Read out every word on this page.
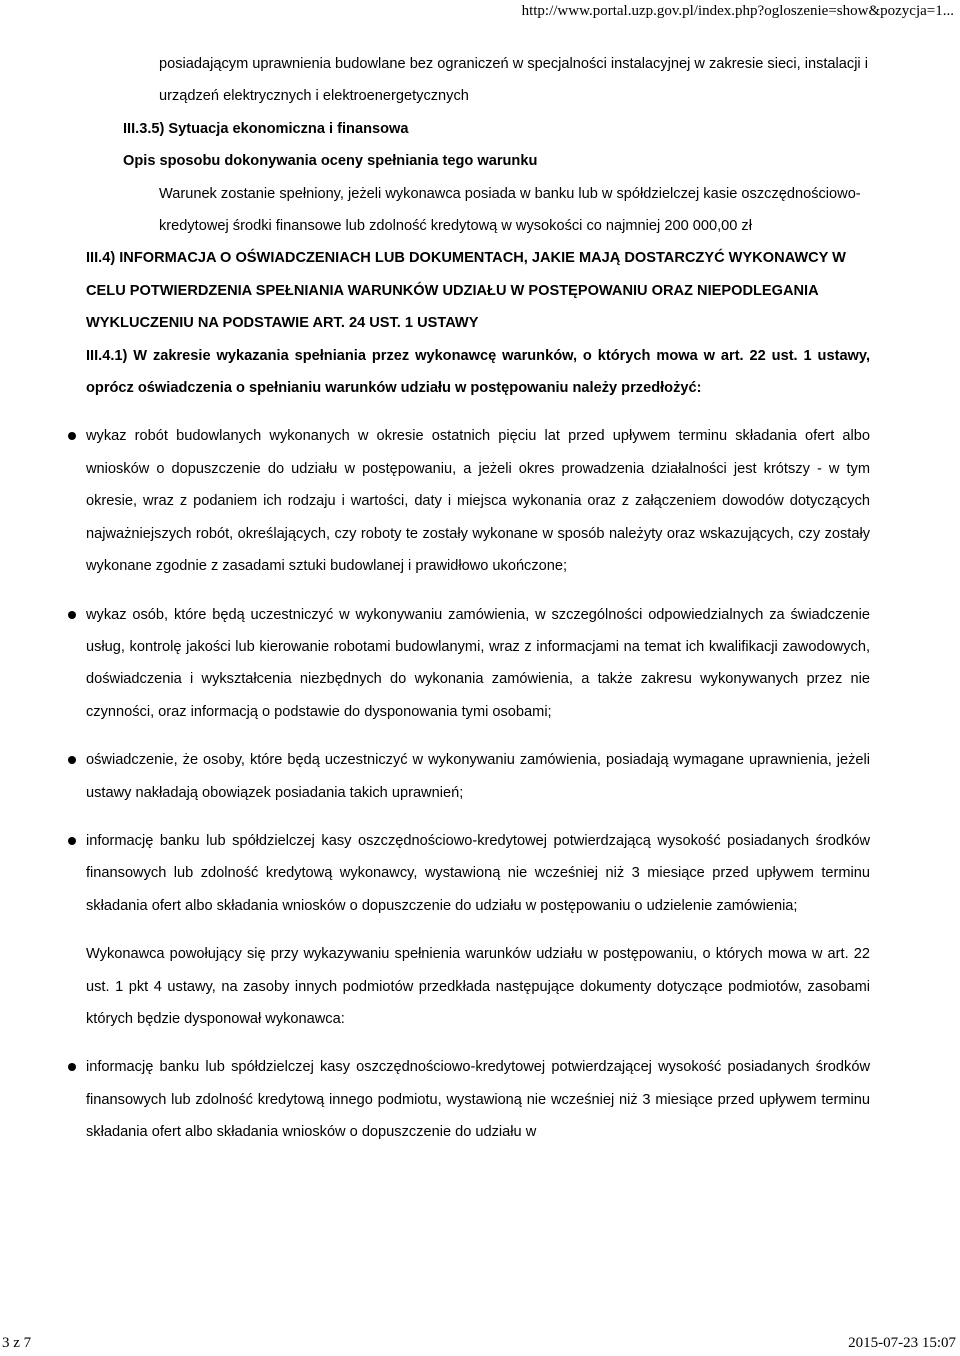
http://www.portal.uzp.gov.pl/index.php?ogloszenie=show&pozycja=1...

posiadającym uprawnienia budowlane bez ograniczeń w specjalności instalacyjnej w zakresie sieci, instalacji i urządzeń elektrycznych i elektroenergetycznych

III.3.5) Sytuacja ekonomiczna i finansowa

Opis sposobu dokonywania oceny spełniania tego warunku

Warunek zostanie spełniony, jeżeli wykonawca posiada w banku lub w spółdzielczej kasie oszczędnościowo-kredytowej środki finansowe lub zdolność kredytową w wysokości co najmniej 200 000,00 zł

III.4) INFORMACJA O OŚWIADCZENIACH LUB DOKUMENTACH, JAKIE MAJĄ DOSTARCZYĆ WYKONAWCY W CELU POTWIERDZENIA SPEŁNIANIA WARUNKÓW UDZIAŁU W POSTĘPOWANIU ORAZ NIEPODLEGANIA WYKLUCZENIU NA PODSTAWIE ART. 24 UST. 1 USTAWY

III.4.1) W zakresie wykazania spełniania przez wykonawcę warunków, o których mowa w art. 22 ust. 1 ustawy, oprócz oświadczenia o spełnianiu warunków udziału w postępowaniu należy przedłożyć:

wykaz robót budowlanych wykonanych w okresie ostatnich pięciu lat przed upływem terminu składania ofert albo wniosków o dopuszczenie do udziału w postępowaniu, a jeżeli okres prowadzenia działalności jest krótszy - w tym okresie, wraz z podaniem ich rodzaju i wartości, daty i miejsca wykonania oraz z załączeniem dowodów dotyczących najważniejszych robót, określających, czy roboty te zostały wykonane w sposób należyty oraz wskazujących, czy zostały wykonane zgodnie z zasadami sztuki budowlanej i prawidłowo ukończone;
wykaz osób, które będą uczestniczyć w wykonywaniu zamówienia, w szczególności odpowiedzialnych za świadczenie usług, kontrolę jakości lub kierowanie robotami budowlanymi, wraz z informacjami na temat ich kwalifikacji zawodowych, doświadczenia i wykształcenia niezbędnych do wykonania zamówienia, a także zakresu wykonywanych przez nie czynności, oraz informacją o podstawie do dysponowania tymi osobami;
oświadczenie, że osoby, które będą uczestniczyć w wykonywaniu zamówienia, posiadają wymagane uprawnienia, jeżeli ustawy nakładają obowiązek posiadania takich uprawnień;
informację banku lub spółdzielczej kasy oszczędnościowo-kredytowej potwierdzającą wysokość posiadanych środków finansowych lub zdolność kredytową wykonawcy, wystawioną nie wcześniej niż 3 miesiące przed upływem terminu składania ofert albo składania wniosków o dopuszczenie do udziału w postępowaniu o udzielenie zamówienia;

Wykonawca powołujący się przy wykazywaniu spełnienia warunków udziału w postępowaniu, o których mowa w art. 22 ust. 1 pkt 4 ustawy, na zasoby innych podmiotów przedkłada następujące dokumenty dotyczące podmiotów, zasobami których będzie dysponował wykonawca:

informację banku lub spółdzielczej kasy oszczędnościowo-kredytowej potwierdzającej wysokość posiadanych środków finansowych lub zdolność kredytową innego podmiotu, wystawioną nie wcześniej niż 3 miesiące przed upływem terminu składania ofert albo składania wniosków o dopuszczenie do udziału w
3 z 7	2015-07-23 15:07
